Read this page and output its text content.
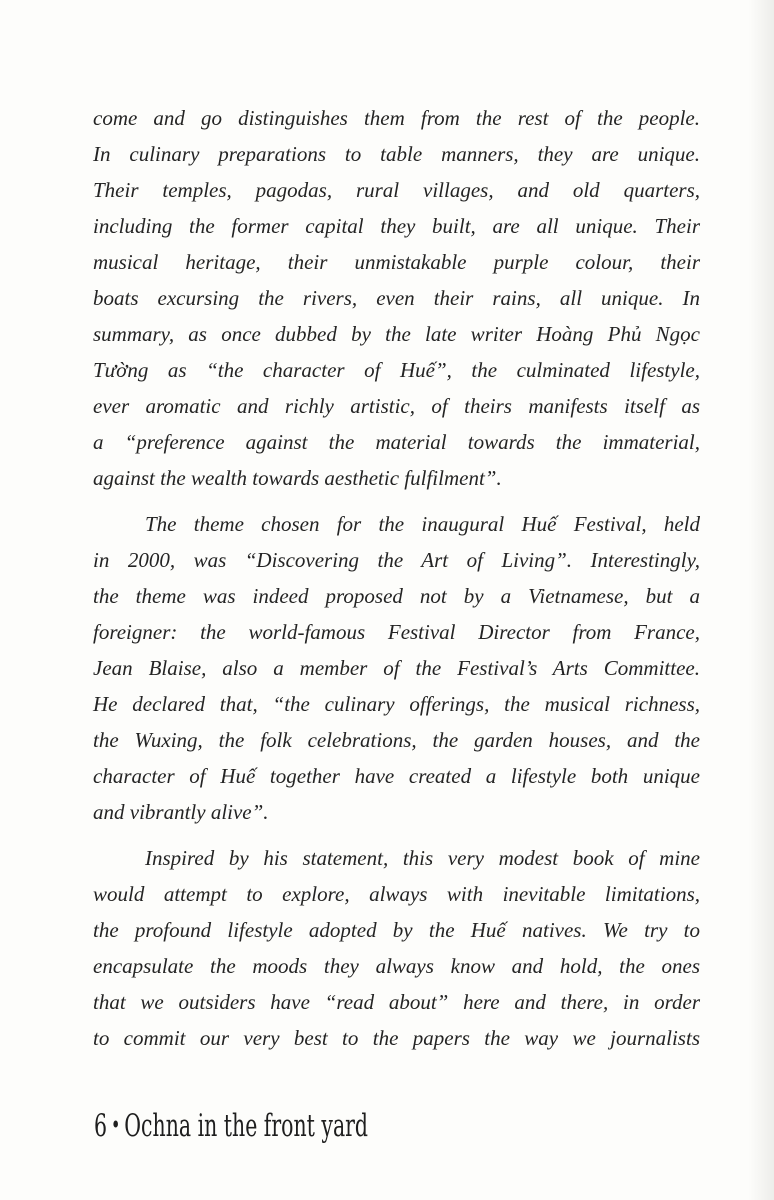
come and go distinguishes them from the rest of the people.
In culinary preparations to table manners, they are unique.
Their temples, pagodas, rural villages, and old quarters,
including the former capital they built, are all unique. Their
musical heritage, their unmistakable purple colour, their
boats excursing the rivers, even their rains, all unique. In
summary, as once dubbed by the late writer Hoàng Phủ Ngọc
Tường as “the character of Huế”, the culminated lifestyle,
ever aromatic and richly artistic, of theirs manifests itself as
a “preference against the material towards the immaterial,
against the wealth towards aesthetic fulfilment”.
The theme chosen for the inaugural Huế Festival, held
in 2000, was “Discovering the Art of Living”. Interestingly,
the theme was indeed proposed not by a Vietnamese, but a
foreigner: the world-famous Festival Director from France,
Jean Blaise, also a member of the Festival’s Arts Committee.
He declared that, “the culinary offerings, the musical richness,
the Wuxing, the folk celebrations, the garden houses, and the
character of Huế together have created a lifestyle both unique
and vibrantly alive”.
Inspired by his statement, this very modest book of mine
would attempt to explore, always with inevitable limitations,
the profound lifestyle adopted by the Huế natives. We try to
encapsulate the moods they always know and hold, the ones
that we outsiders have “read about” here and there, in order
to commit our very best to the papers the way we journalists
6 • Ochna in the front yard
